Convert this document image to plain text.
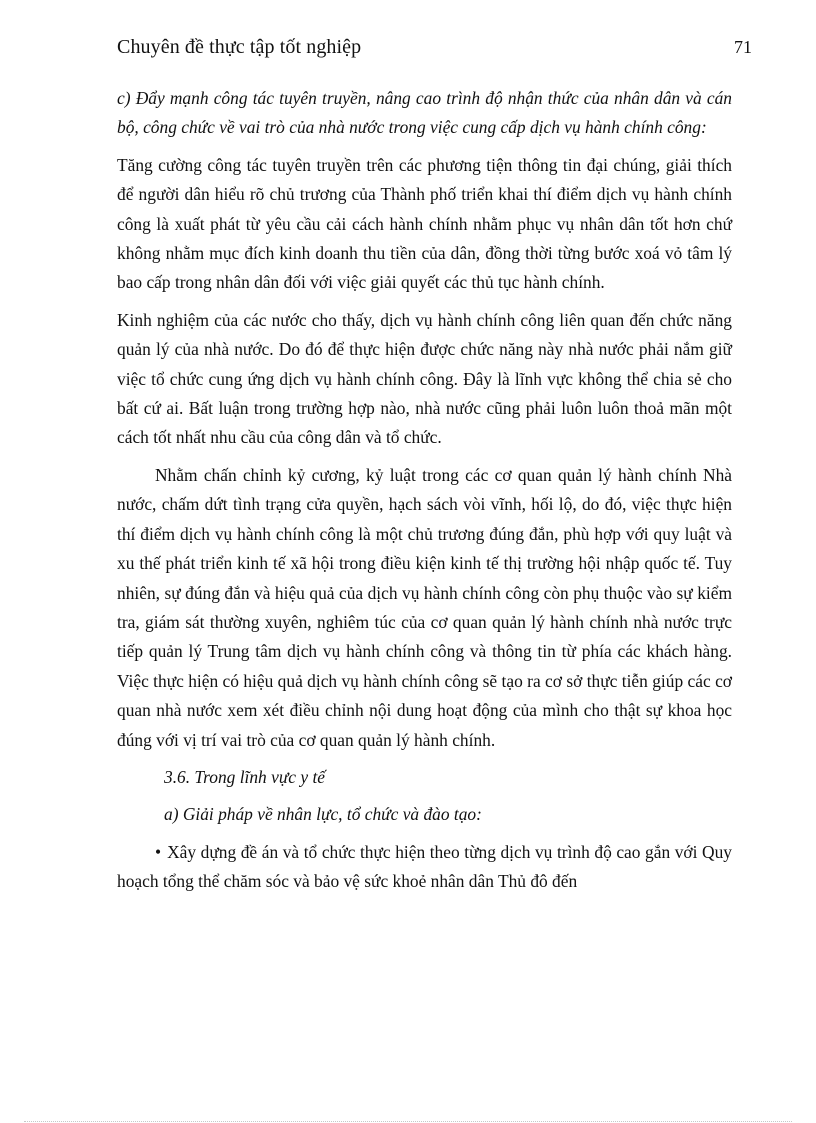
Chuyên đề thực tập tốt nghiệp	71

c) Đẩy mạnh công tác tuyên truyền, nâng cao trình độ nhận thức của nhân dân và cán bộ, công chức về vai trò của nhà nước trong việc cung cấp dịch vụ hành chính công:

Tăng cường công tác tuyên truyền trên các phương tiện thông tin đại chúng, giải thích để người dân hiểu rõ chủ trương của Thành phố triển khai thí điểm dịch vụ hành chính công là xuất phát từ yêu cầu cải cách hành chính nhằm phục vụ nhân dân tốt hơn chứ không nhằm mục đích kinh doanh thu tiền của dân, đồng thời từng bước xoá vỏ tâm lý bao cấp trong nhân dân đối với việc giải quyết các thủ tục hành chính.

Kinh nghiệm của các nước cho thấy, dịch vụ hành chính công liên quan đến chức năng quản lý của nhà nước. Do đó để thực hiện được chức năng này nhà nước phải nắm giữ việc tổ chức cung ứng dịch vụ hành chính công. Đây là lĩnh vực không thể chia sẻ cho bất cứ ai. Bất luận trong trường hợp nào, nhà nước cũng phải luôn luôn thoả mãn một cách tốt nhất nhu cầu của công dân và tổ chức.

Nhằm chấn chỉnh kỷ cương, kỷ luật trong các cơ quan quản lý hành chính Nhà nước, chấm dứt tình trạng cửa quyền, hạch sách vòi vĩnh, hối lộ, do đó, việc thực hiện thí điểm dịch vụ hành chính công là một chủ trương đúng đắn, phù hợp với quy luật và xu thế phát triển kinh tế xã hội trong điều kiện kinh tế thị trường hội nhập quốc tế. Tuy nhiên, sự đúng đắn và hiệu quả của dịch vụ hành chính công còn phụ thuộc vào sự kiểm tra, giám sát thường xuyên, nghiêm túc của cơ quan quản lý hành chính nhà nước trực tiếp quản lý Trung tâm dịch vụ hành chính công và thông tin từ phía các khách hàng. Việc thực hiện có hiệu quả dịch vụ hành chính công sẽ tạo ra cơ sở thực tiễn giúp các cơ quan nhà nước xem xét điều chỉnh nội dung hoạt động của mình cho thật sự khoa học đúng với vị trí vai trò của cơ quan quản lý hành chính.

3.6. Trong lĩnh vực y tế

a) Giải pháp về nhân lực, tổ chức và đào tạo:

• Xây dựng đề án và tổ chức thực hiện theo từng dịch vụ trình độ cao gắn với Quy hoạch tổng thể chăm sóc và bảo vệ sức khoẻ nhân dân Thủ đô đến
